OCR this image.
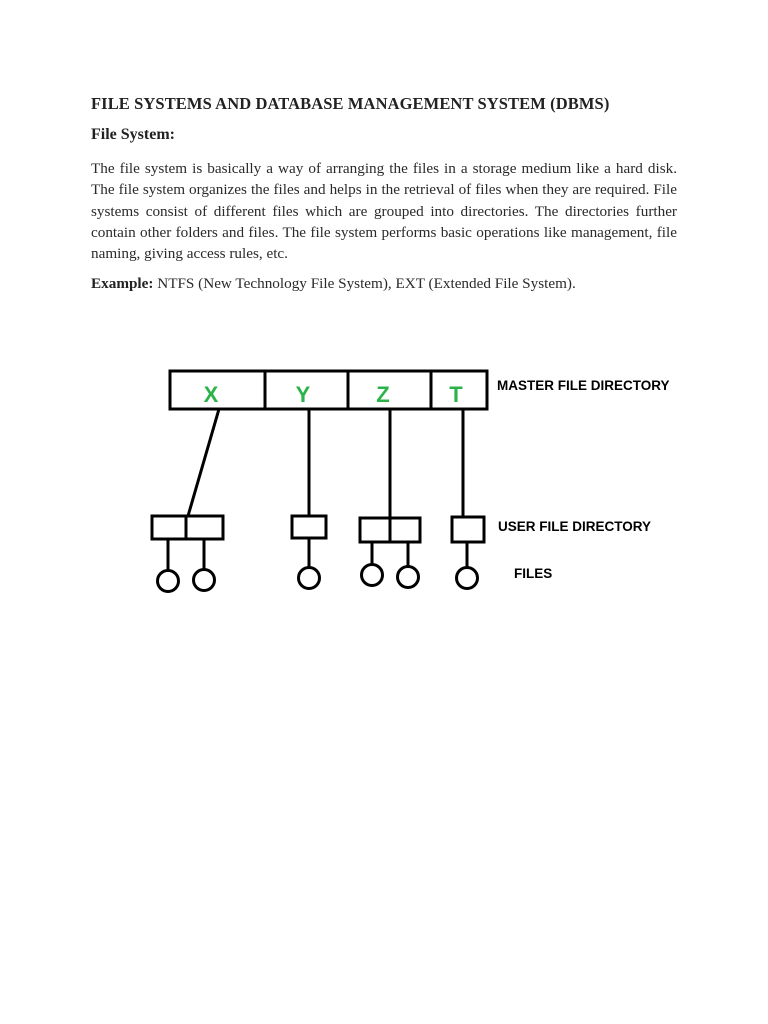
FILE SYSTEMS AND DATABASE MANAGEMENT SYSTEM (DBMS)
File System:

The file system is basically a way of arranging the files in a storage medium like a hard disk. The file system organizes the files and helps in the retrieval of files when they are required. File systems consist of different files which are grouped into directories. The directories further contain other folders and files. The file system performs basic operations like management, file naming, giving access rules, etc.

Example: NTFS (New Technology File System), EXT (Extended File System).

X	Y	Z	T	MASTER FILE DIRECTORY
USER FILE DIRECTORY
FILES
